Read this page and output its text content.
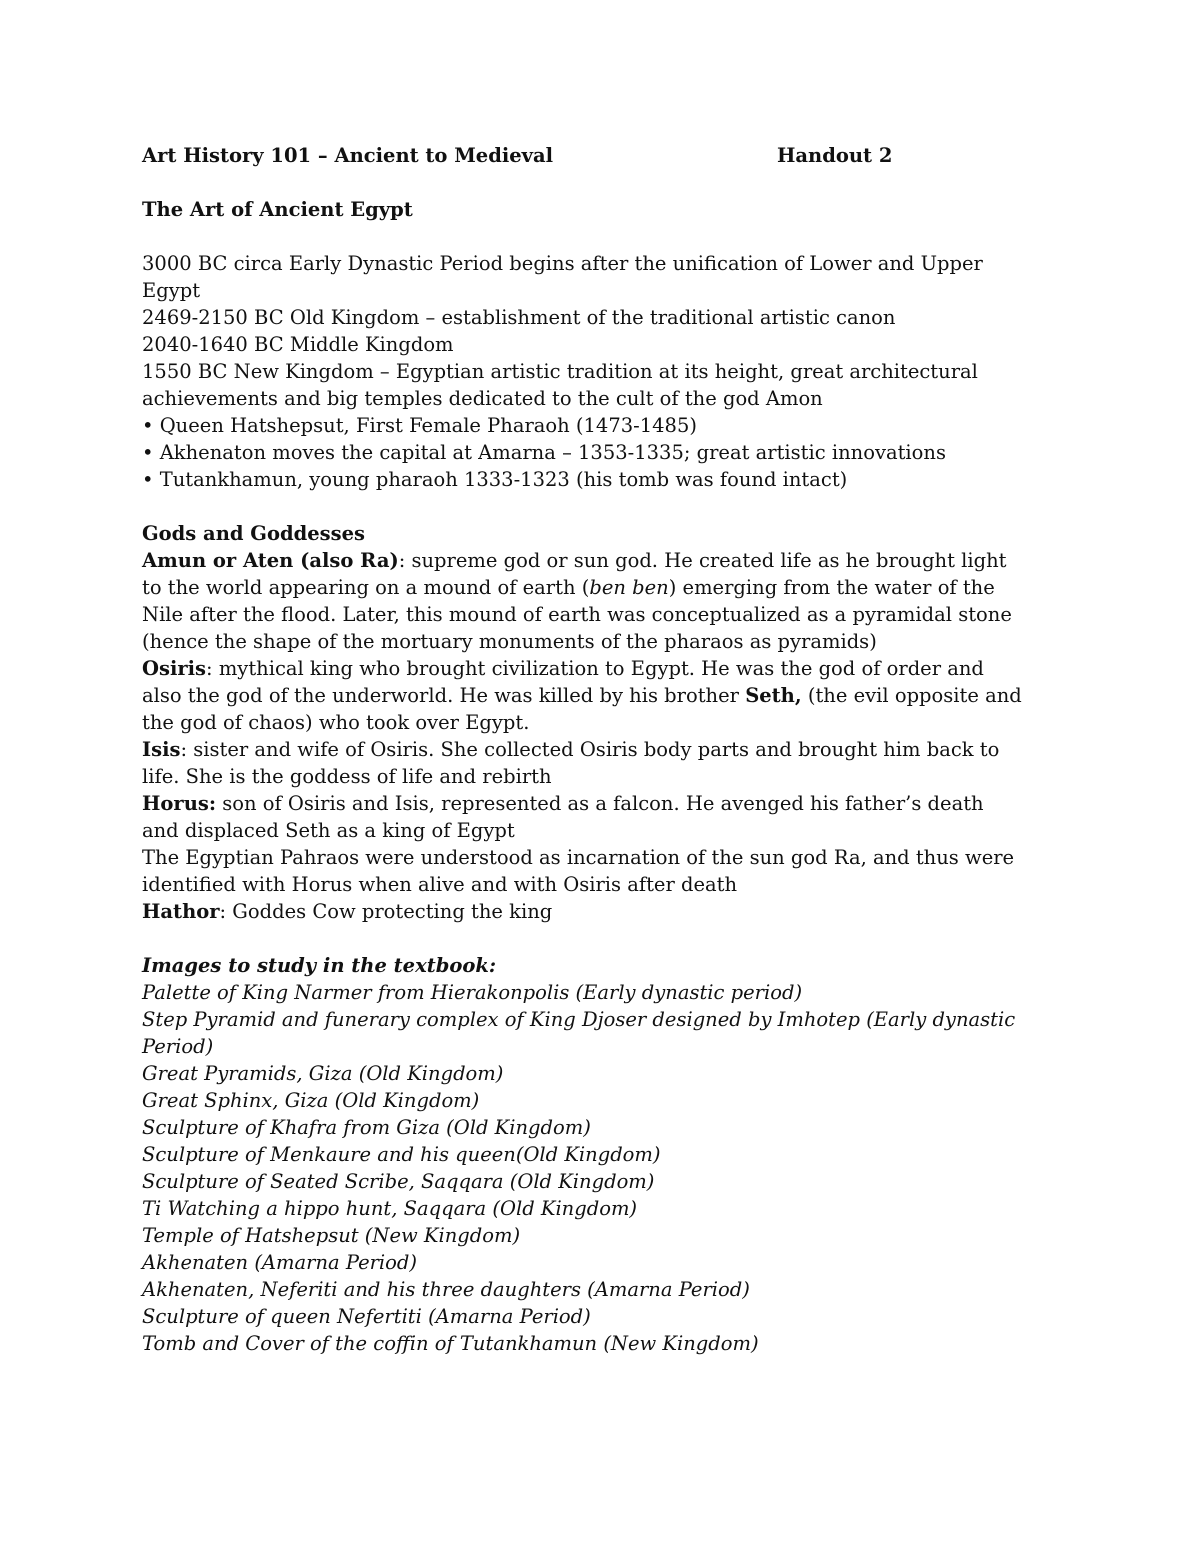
Art History 101 – Ancient to Medieval	Handout 2
The Art of Ancient Egypt

3000 BC circa Early Dynastic Period begins after the unification of Lower and Upper Egypt

2469-2150 BC Old Kingdom – establishment of the traditional artistic canon

2040-1640 BC Middle Kingdom

1550 BC New Kingdom – Egyptian artistic tradition at its height, great architectural achievements and big temples dedicated to the cult of the god Amon

• Queen Hatshepsut, First Female Pharaoh (1473-1485)

• Akhenaton moves the capital at Amarna – 1353-1335; great artistic innovations

• Tutankhamun, young pharaoh 1333-1323 (his tomb was found intact)

Gods and Goddesses

Amun or Aten (also Ra): supreme god or sun god. He created life as he brought light to the world appearing on a mound of earth (ben ben) emerging from the water of the Nile after the flood. Later, this mound of earth was conceptualized as a pyramidal stone (hence the shape of the mortuary monuments of the pharaos as pyramids)

Osiris: mythical king who brought civilization to Egypt. He was the god of order and also the god of the underworld. He was killed by his brother Seth, (the evil opposite and the god of chaos) who took over Egypt.

Isis: sister and wife of Osiris. She collected Osiris body parts and brought him back to life. She is the goddess of life and rebirth

Horus: son of Osiris and Isis, represented as a falcon. He avenged his father’s death and displaced Seth as a king of Egypt

The Egyptian Pahraos were understood as incarnation of the sun god Ra, and thus were identified with Horus when alive and with Osiris after death

Hathor: Goddes Cow protecting the king

Images to study in the textbook:

Palette of King Narmer from Hierakonpolis (Early dynastic period)

Step Pyramid and funerary complex of King Djoser designed by Imhotep (Early dynastic Period)

Great Pyramids, Giza (Old Kingdom)

Great Sphinx, Giza (Old Kingdom)

Sculpture of Khafra from Giza (Old Kingdom)

Sculpture of Menkaure and his queen(Old Kingdom)

Sculpture of Seated Scribe, Saqqara (Old Kingdom)

Ti Watching a hippo hunt, Saqqara (Old Kingdom)

Temple of Hatshepsut (New Kingdom)

Akhenaten (Amarna Period)

Akhenaten, Neferiti and his three daughters (Amarna Period)

Sculpture of queen Nefertiti (Amarna Period)

Tomb and Cover of the coffin of Tutankhamun (New Kingdom)
